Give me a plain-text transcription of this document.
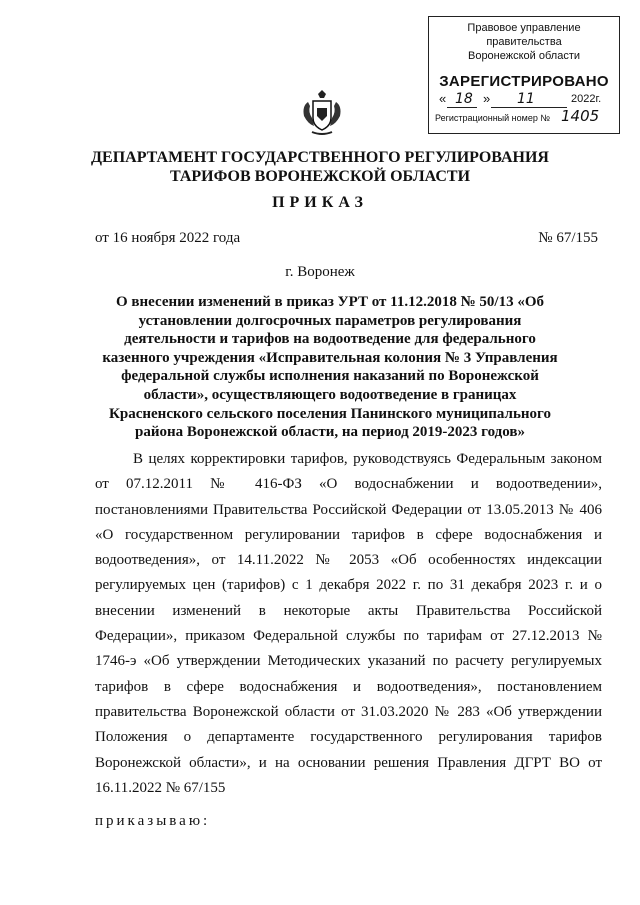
Правовое управление правительства
Воронежской области
ЗАРЕГИСТРИРОВАНО
« 18 » 11	2022г.
Регистрационный номер № 1405
ДЕПАРТАМЕНТ ГОСУДАРСТВЕННОГО РЕГУЛИРОВАНИЯ
ТАРИФОВ ВОРОНЕЖСКОЙ ОБЛАСТИ
ПРИКАЗ
от 16 ноября 2022 года	№ 67/155
г. Воронеж
О внесении изменений в приказ УРТ от 11.12.2018 № 50/13 «Об установлении долгосрочных параметров регулирования деятельности и тарифов на водоотведение для федерального казенного учреждения «Исправительная колония № 3 Управления федеральной службы исполнения наказаний по Воронежской области», осуществляющего водоотведение в границах Красненского сельского поселения Панинского муниципального района Воронежской области, на период 2019-2023 годов»
В целях корректировки тарифов, руководствуясь Федеральным законом от 07.12.2011 № 416-ФЗ «О водоснабжении и водоотведении», постановлениями Правительства Российской Федерации от 13.05.2013 № 406 «О государственном регулировании тарифов в сфере водоснабжения и водоотведения», от 14.11.2022 № 2053 «Об особенностях индексации регулируемых цен (тарифов) с 1 декабря 2022 г. по 31 декабря 2023 г. и о внесении изменений в некоторые акты Правительства Российской Федерации», приказом Федеральной службы по тарифам от 27.12.2013 № 1746-э «Об утверждении Методических указаний по расчету регулируемых тарифов в сфере водоснабжения и водоотведения», постановлением правительства Воронежской области от 31.03.2020 № 283 «Об утверждении Положения о департаменте государственного регулирования тарифов Воронежской области», и на основании решения Правления ДГРТ ВО от 16.11.2022 № 67/155
приказываю:
